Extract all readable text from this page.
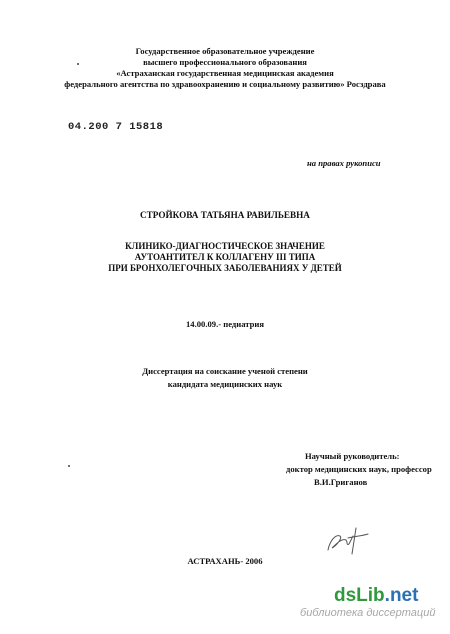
Государственное образовательное учреждение
высшего профессионального образования
«Астраханская государственная медицинская академия
федерального агентства по здравоохранению и социальному развитию» Росздрава
04.200 7 15818
на правах рукописи
СТРОЙКОВА ТАТЬЯНА РАВИЛЬЕВНА
КЛИНИКО-ДИАГНОСТИЧЕСКОЕ ЗНАЧЕНИЕ
АУТОАНТИТЕЛ К КОЛЛАГЕНУ III ТИПА
ПРИ БРОНХОЛЕГОЧНЫХ ЗАБОЛЕВАНИЯХ У ДЕТЕЙ
14.00.09.- педиатрия
Диссертация на соискание ученой степени
кандидата медицинских наук
Научный руководитель:
доктор медицинских наук, профессор
В.И.Григанов
АСТРАХАНЬ- 2006
dsLib.net
библиотека диссертаций
